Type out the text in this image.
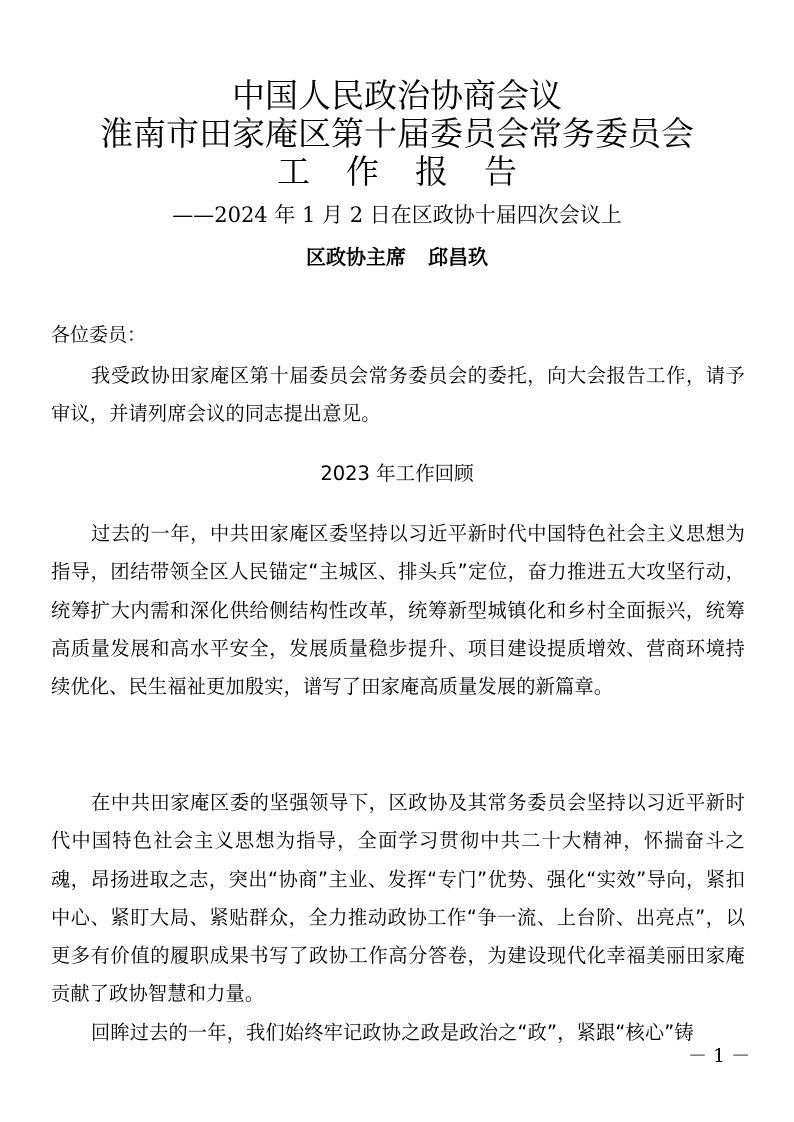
中国人民政治协商会议
淮南市田家庵区第十届委员会常务委员会
工作报告
——2024 年 1 月 2 日在区政协十届四次会议上
区政协主席 邱昌玖
各位委员：

我受政协田家庵区第十届委员会常务委员会的委托，向大会报告工作，请予审议，并请列席会议的同志提出意见。

2023 年工作回顾

过去的一年，中共田家庵区委坚持以习近平新时代中国特色社会主义思想为指导，团结带领全区人民锚定“主城区、排头兵”定位，奋力推进五大攻坚行动，统筹扩大内需和深化供给侧结构性改革，统筹新型城镇化和乡村全面振兴，统筹高质量发展和高水平安全，发展质量稳步提升、项目建设提质增效、营商环境持续优化、民生福祉更加殷实，谱写了田家庵高质量发展的新篇章。

在中共田家庵区委的坚强领导下，区政协及其常务委员会坚持以习近平新时代中国特色社会主义思想为指导，全面学习贯彻中共二十大精神，怀揣奋斗之魂，昂扬进取之志，突出“协商”主业、发挥“专门”优势、强化“实效”导向，紧扣中心、紧盯大局、紧贴群众，全力推动政协工作“争一流、上台阶、出亮点”，以更多有价值的履职成果书写了政协工作高分答卷，为建设现代化幸福美丽田家庵贡献了政协智慧和力量。

回眸过去的一年，我们始终牢记政协之政是政治之“政”，紧跟“核心”铸

－ 1 －
